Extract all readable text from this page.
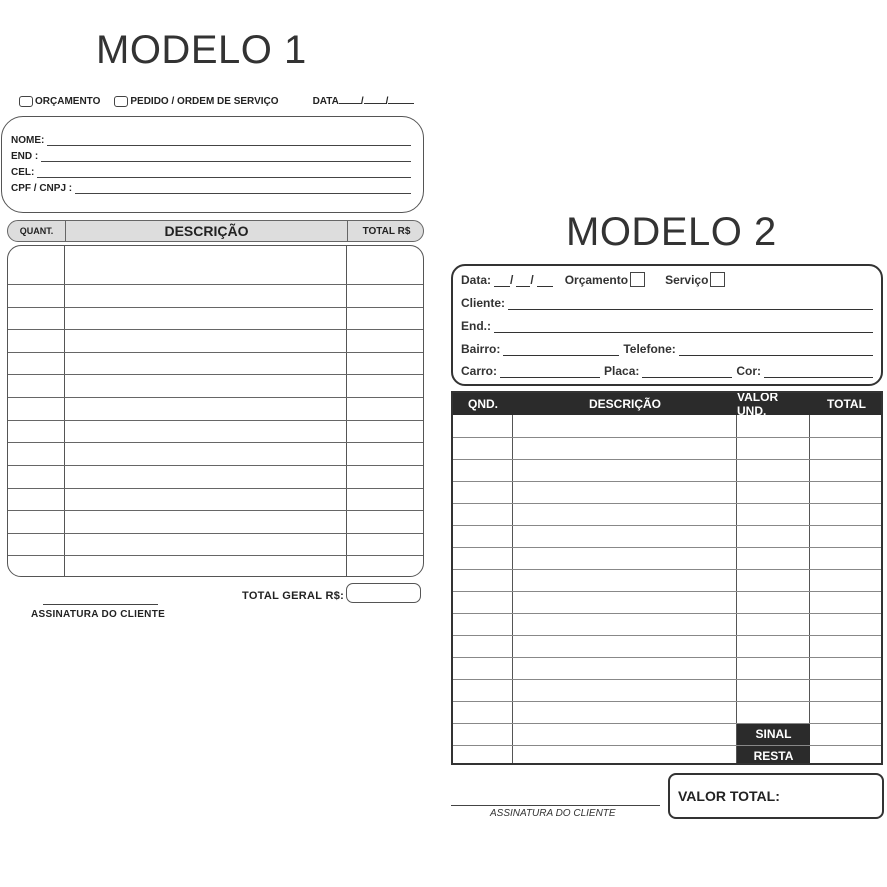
MODELO 1
ORÇAMENTO	PEDIDO / ORDEM DE SERVIÇO	DATA / /
NOME:
END :
CEL:
CPF / CNPJ :
QUANT.	DESCRIÇÃO	TOTAL R$
TOTAL GERAL R$:
ASSINATURA DO CLIENTE
MODELO 2
Data: / /	Orçamento	Serviço
Cliente:
End.:
Bairro:	Telefone:
Carro:	Placa:	Cor:
QND.	DESCRIÇÃO	VALOR UND.	TOTAL
SINAL
RESTA
ASSINATURA DO CLIENTE
VALOR TOTAL:
